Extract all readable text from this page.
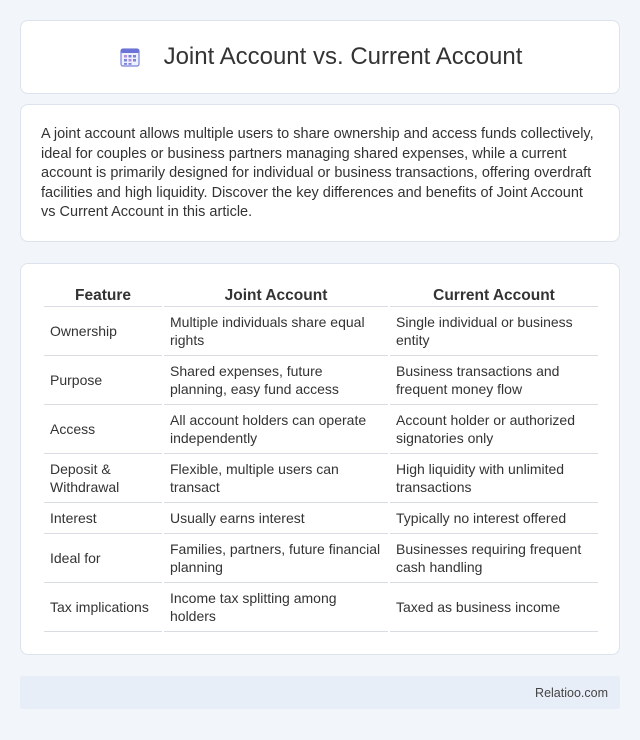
Joint Account vs. Current Account

A joint account allows multiple users to share ownership and access funds collectively, ideal for couples or business partners managing shared expenses, while a current account is primarily designed for individual or business transactions, offering overdraft facilities and high liquidity. Discover the key differences and benefits of Joint Account vs Current Account in this article.

Feature	Joint Account	Current Account
Ownership	Multiple individuals share equal rights	Single individual or business entity
Purpose	Shared expenses, future planning, easy fund access	Business transactions and frequent money flow
Access	All account holders can operate independently	Account holder or authorized signatories only
Deposit & Withdrawal	Flexible, multiple users can transact	High liquidity with unlimited transactions
Interest	Usually earns interest	Typically no interest offered
Ideal for	Families, partners, future financial planning	Businesses requiring frequent cash handling
Tax implications	Income tax splitting among holders	Taxed as business income
Relatioo.com
